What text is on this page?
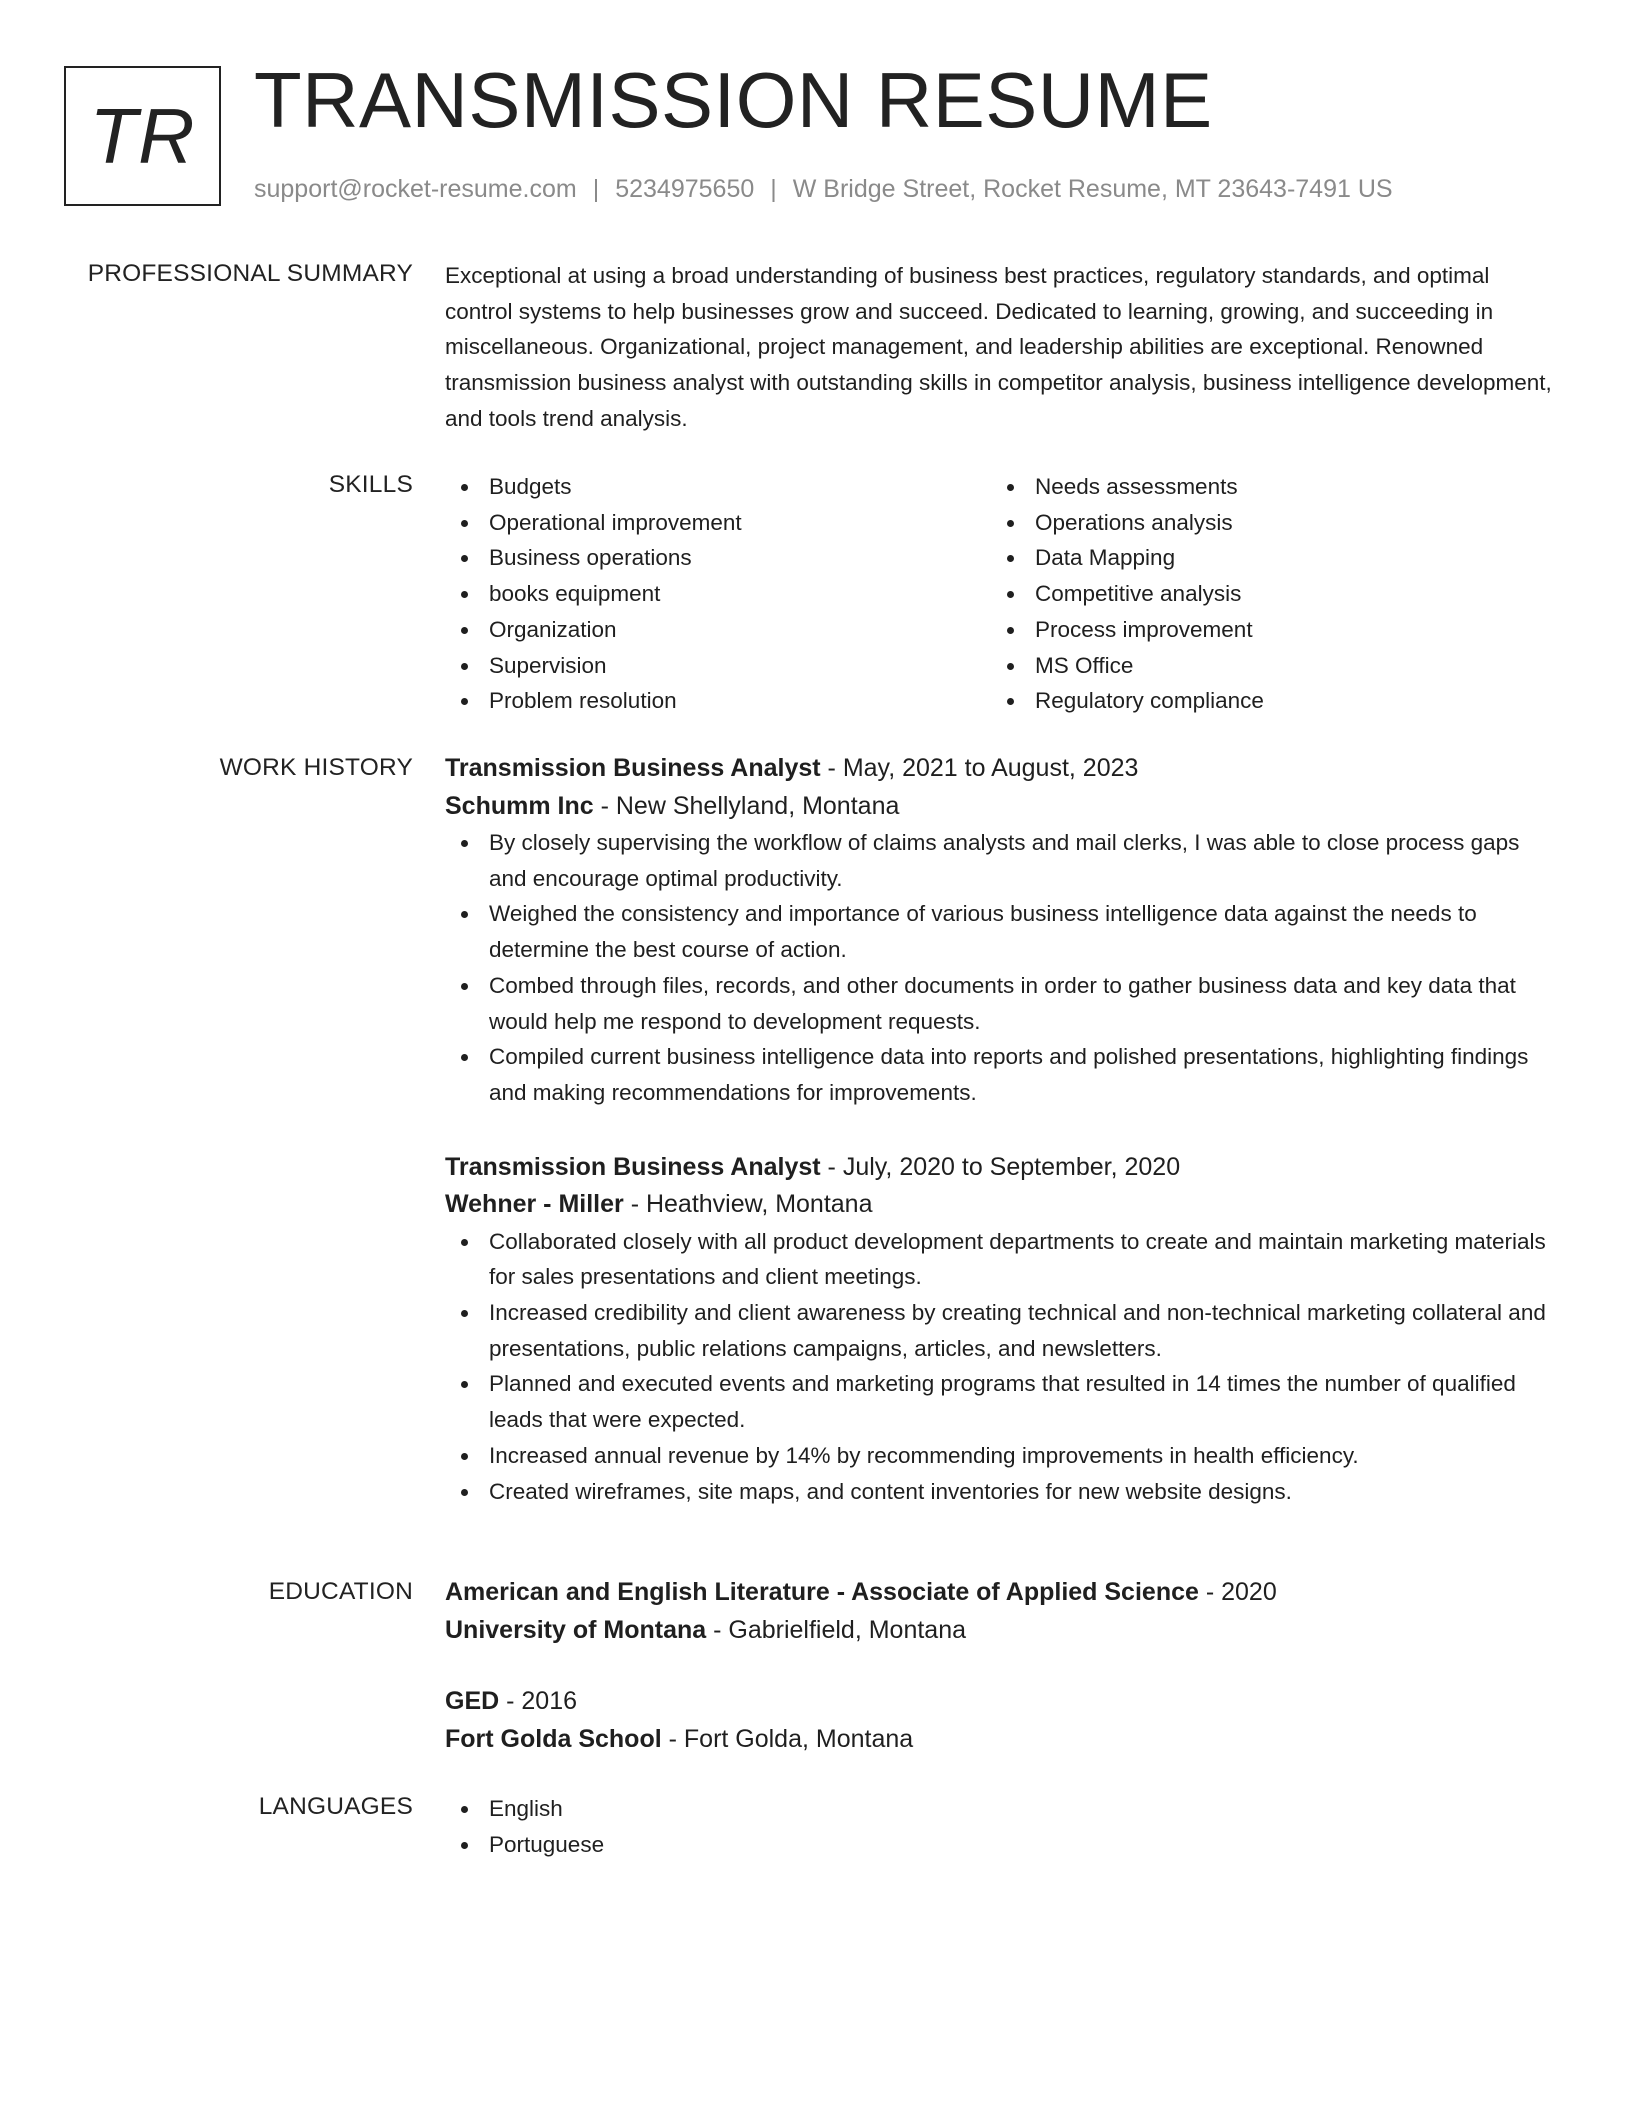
TR TRANSMISSION RESUME
support@rocket-resume.com | 5234975650 | W Bridge Street, Rocket Resume, MT 23643-7491 US
PROFESSIONAL SUMMARY Exceptional at using a broad understanding of business best practices, regulatory standards, and optimal control systems to help businesses grow and succeed. Dedicated to learning, growing, and succeeding in miscellaneous. Organizational, project management, and leadership abilities are exceptional. Renowned transmission business analyst with outstanding skills in competitor analysis, business intelligence development, and tools trend analysis.

SKILLS	Budgets
Operational improvement
Business operations
books equipment
Organization
Supervision
Problem resolution
Needs assessments
Operations analysis
Data Mapping
Competitive analysis
Process improvement
MS Office
Regulatory compliance
WORK HISTORY Transmission Business Analyst - May, 2021 to August, 2023
Schumm Inc - New Shellyland, Montana
By closely supervising the workflow of claims analysts and mail clerks, I was able to close process gaps and encourage optimal productivity.
Weighed the consistency and importance of various business intelligence data against the needs to determine the best course of action.
Combed through files, records, and other documents in order to gather business data and key data that would help me respond to development requests.
Compiled current business intelligence data into reports and polished presentations, highlighting findings and making recommendations for improvements.
Transmission Business Analyst - July, 2020 to September, 2020
Wehner - Miller - Heathview, Montana
Collaborated closely with all product development departments to create and maintain marketing materials for sales presentations and client meetings.
Increased credibility and client awareness by creating technical and non-technical marketing collateral and presentations, public relations campaigns, articles, and newsletters.
Planned and executed events and marketing programs that resulted in 14 times the number of qualified leads that were expected.
Increased annual revenue by 14% by recommending improvements in health efficiency.
Created wireframes, site maps, and content inventories for new website designs.
EDUCATION American and English Literature - Associate of Applied Science - 2020
University of Montana - Gabrielfield, Montana
GED - 2016
Fort Golda School - Fort Golda, Montana
LANGUAGES	English
Portuguese
